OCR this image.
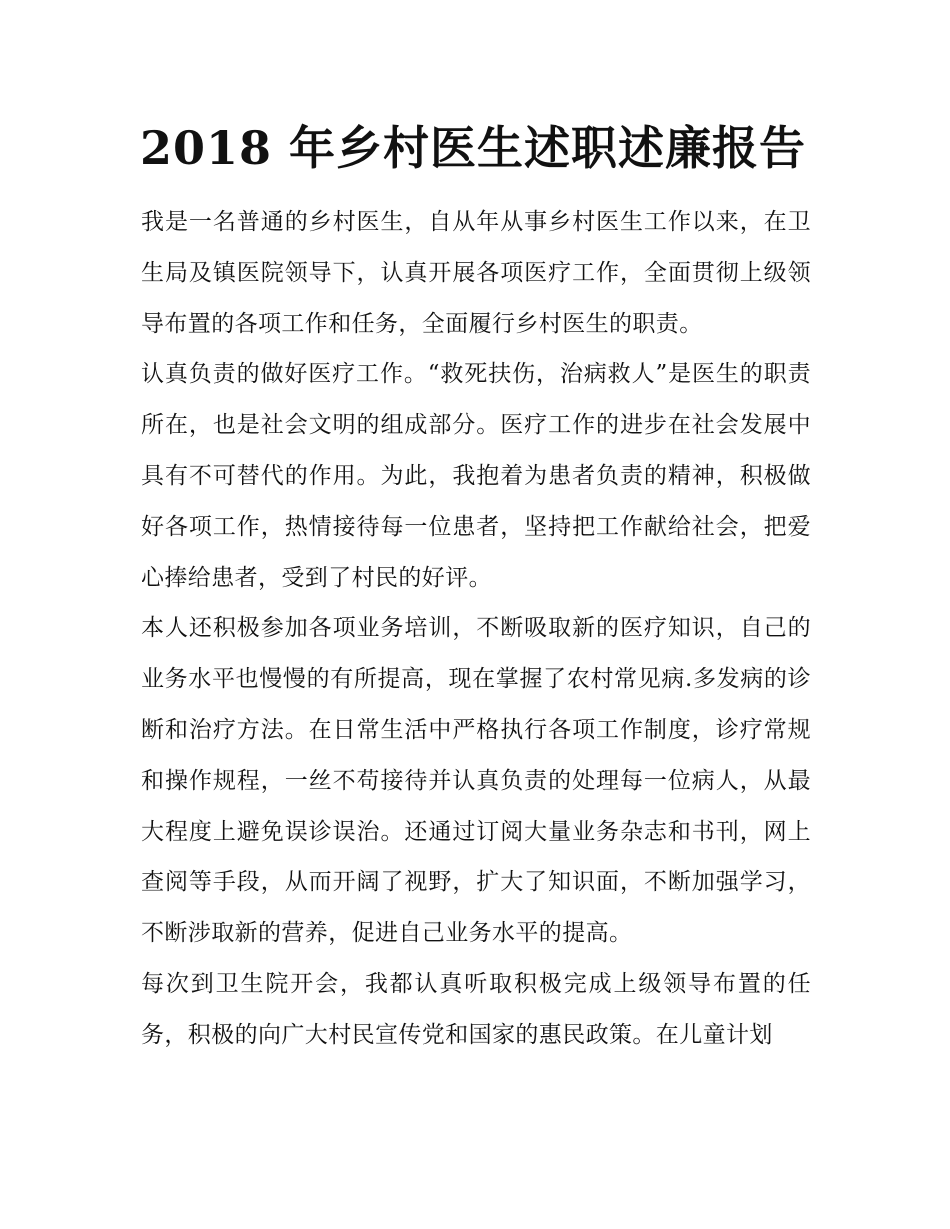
2018 年乡村医生述职述廉报告

我是一名普通的乡村医生，自从年从事乡村医生工作以来，在卫生局及镇医院领导下，认真开展各项医疗工作，全面贯彻上级领导布置的各项工作和任务，全面履行乡村医生的职责。

认真负责的做好医疗工作。“救死扶伤，治病救人”是医生的职责所在，也是社会文明的组成部分。医疗工作的进步在社会发展中具有不可替代的作用。为此，我抱着为患者负责的精神，积极做好各项工作，热情接待每一位患者，坚持把工作献给社会，把爱心捧给患者，受到了村民的好评。

本人还积极参加各项业务培训，不断吸取新的医疗知识，自己的业务水平也慢慢的有所提高，现在掌握了农村常见病.多发病的诊断和治疗方法。在日常生活中严格执行各项工作制度，诊疗常规和操作规程，一丝不苟接待并认真负责的处理每一位病人，从最大程度上避免误诊误治。还通过订阅大量业务杂志和书刊，网上查阅等手段，从而开阔了视野，扩大了知识面，不断加强学习，不断涉取新的营养，促进自己业务水平的提高。

每次到卫生院开会，我都认真听取积极完成上级领导布置的任务，积极的向广大村民宣传党和国家的惠民政策。在儿童计划
